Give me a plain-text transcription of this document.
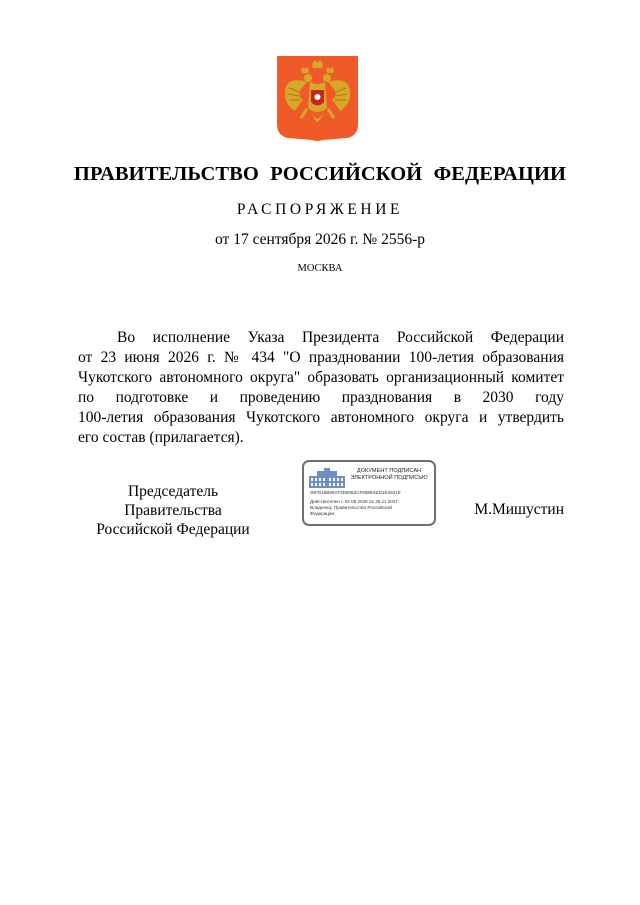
ПРАВИТЕЛЬСТВО РОССИЙСКОЙ ФЕДЕРАЦИИ
РАСПОРЯЖЕНИЕ
от 17 сентября 2026 г. № 2556-р
МОСКВА
Во исполнение Указа Президента Российской Федерации
от 23 июня 2026 г. № 434 "О праздновании 100-летия образования
Чукотского автономного округа" образовать организационный комитет
по подготовке и проведению празднования в 2030 году
100-летия образования Чукотского автономного округа и утвердить
его состав (прилагается).
Председатель Правительства
Российской Федерации
ДОКУМЕНТ ПОДПИСАН
ЭЛЕКТРОННОЙ ПОДПИСЬЮ
00FD16B96AT3D8062CF0888SED1E4631E
Действителен с 02.09.2026 по 26.11.2027
Владелец: Правительство Российской
Федерации	М.Мишустин
